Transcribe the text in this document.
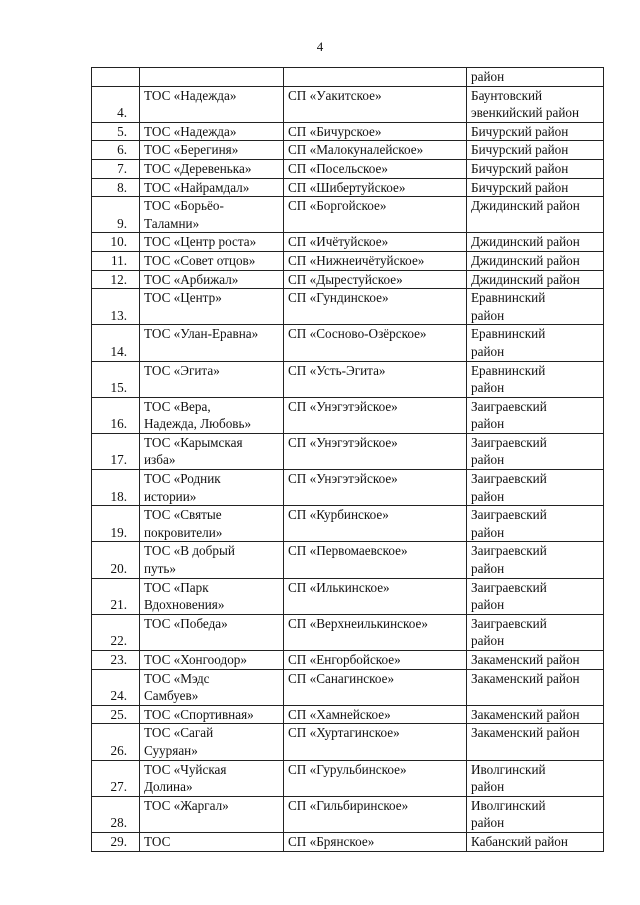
4
			район
4.	ТОС «Надежда»	СП «Уакитское»	Баунтовский
эвенкийский район
5.	ТОС «Надежда»	СП «Бичурское»	Бичурский район
6.	ТОС «Берегиня»	СП «Малокуналейское»	Бичурский район
7.	ТОС «Деревенька»	СП «Посельское»	Бичурский район
8.	ТОС «Найрамдал»	СП «Шибертуйское»	Бичурский район
9.	ТОС «Борьёо-
Таламни»	СП «Боргойское»	Джидинский район
10.	ТОС «Центр роста»	СП «Ичётуйское»	Джидинский район
11.	ТОС «Совет отцов»	СП «Нижнеичётуйское»	Джидинский район
12.	ТОС «Арбижал»	СП «Дырестуйское»	Джидинский район
13.	ТОС «Центр»	СП «Гундинское»	Еравнинский
район
14.	ТОС «Улан-Еравна»	СП «Сосново-Озёрское»	Еравнинский
район
15.	ТОС «Эгита»	СП «Усть-Эгита»	Еравнинский
район
16.	ТОС «Вера,
Надежда, Любовь»	СП «Унэгэтэйское»	Заиграевский
район
17.	ТОС «Карымская
изба»	СП «Унэгэтэйское»	Заиграевский
район
18.	ТОС «Родник
истории»	СП «Унэгэтэйское»	Заиграевский
район
19.	ТОС «Святые
покровители»	СП «Курбинское»	Заиграевский
район
20.	ТОС «В добрый
путь»	СП «Первомаевское»	Заиграевский
район
21.	ТОС «Парк
Вдохновения»	СП «Илькинское»	Заиграевский
район
22.	ТОС «Победа»	СП «Верхнеилькинское»	Заиграевский
район
23.	ТОС «Хонгоодор»	СП «Енгорбойское»	Закаменский район
24.	ТОС «Мэдс
Самбуев»	СП «Санагинское»	Закаменский район
25.	ТОС «Спортивная»	СП «Хамнейское»	Закаменский район
26.	ТОС «Сагай
Сууряан»	СП «Хуртагинское»	Закаменский район
27.	ТОС «Чуйская
Долина»	СП «Гурульбинское»	Иволгинский
район
28.	ТОС «Жаргал»	СП «Гильбиринское»	Иволгинский
район
29.	ТОС	СП «Брянское»	Кабанский район
